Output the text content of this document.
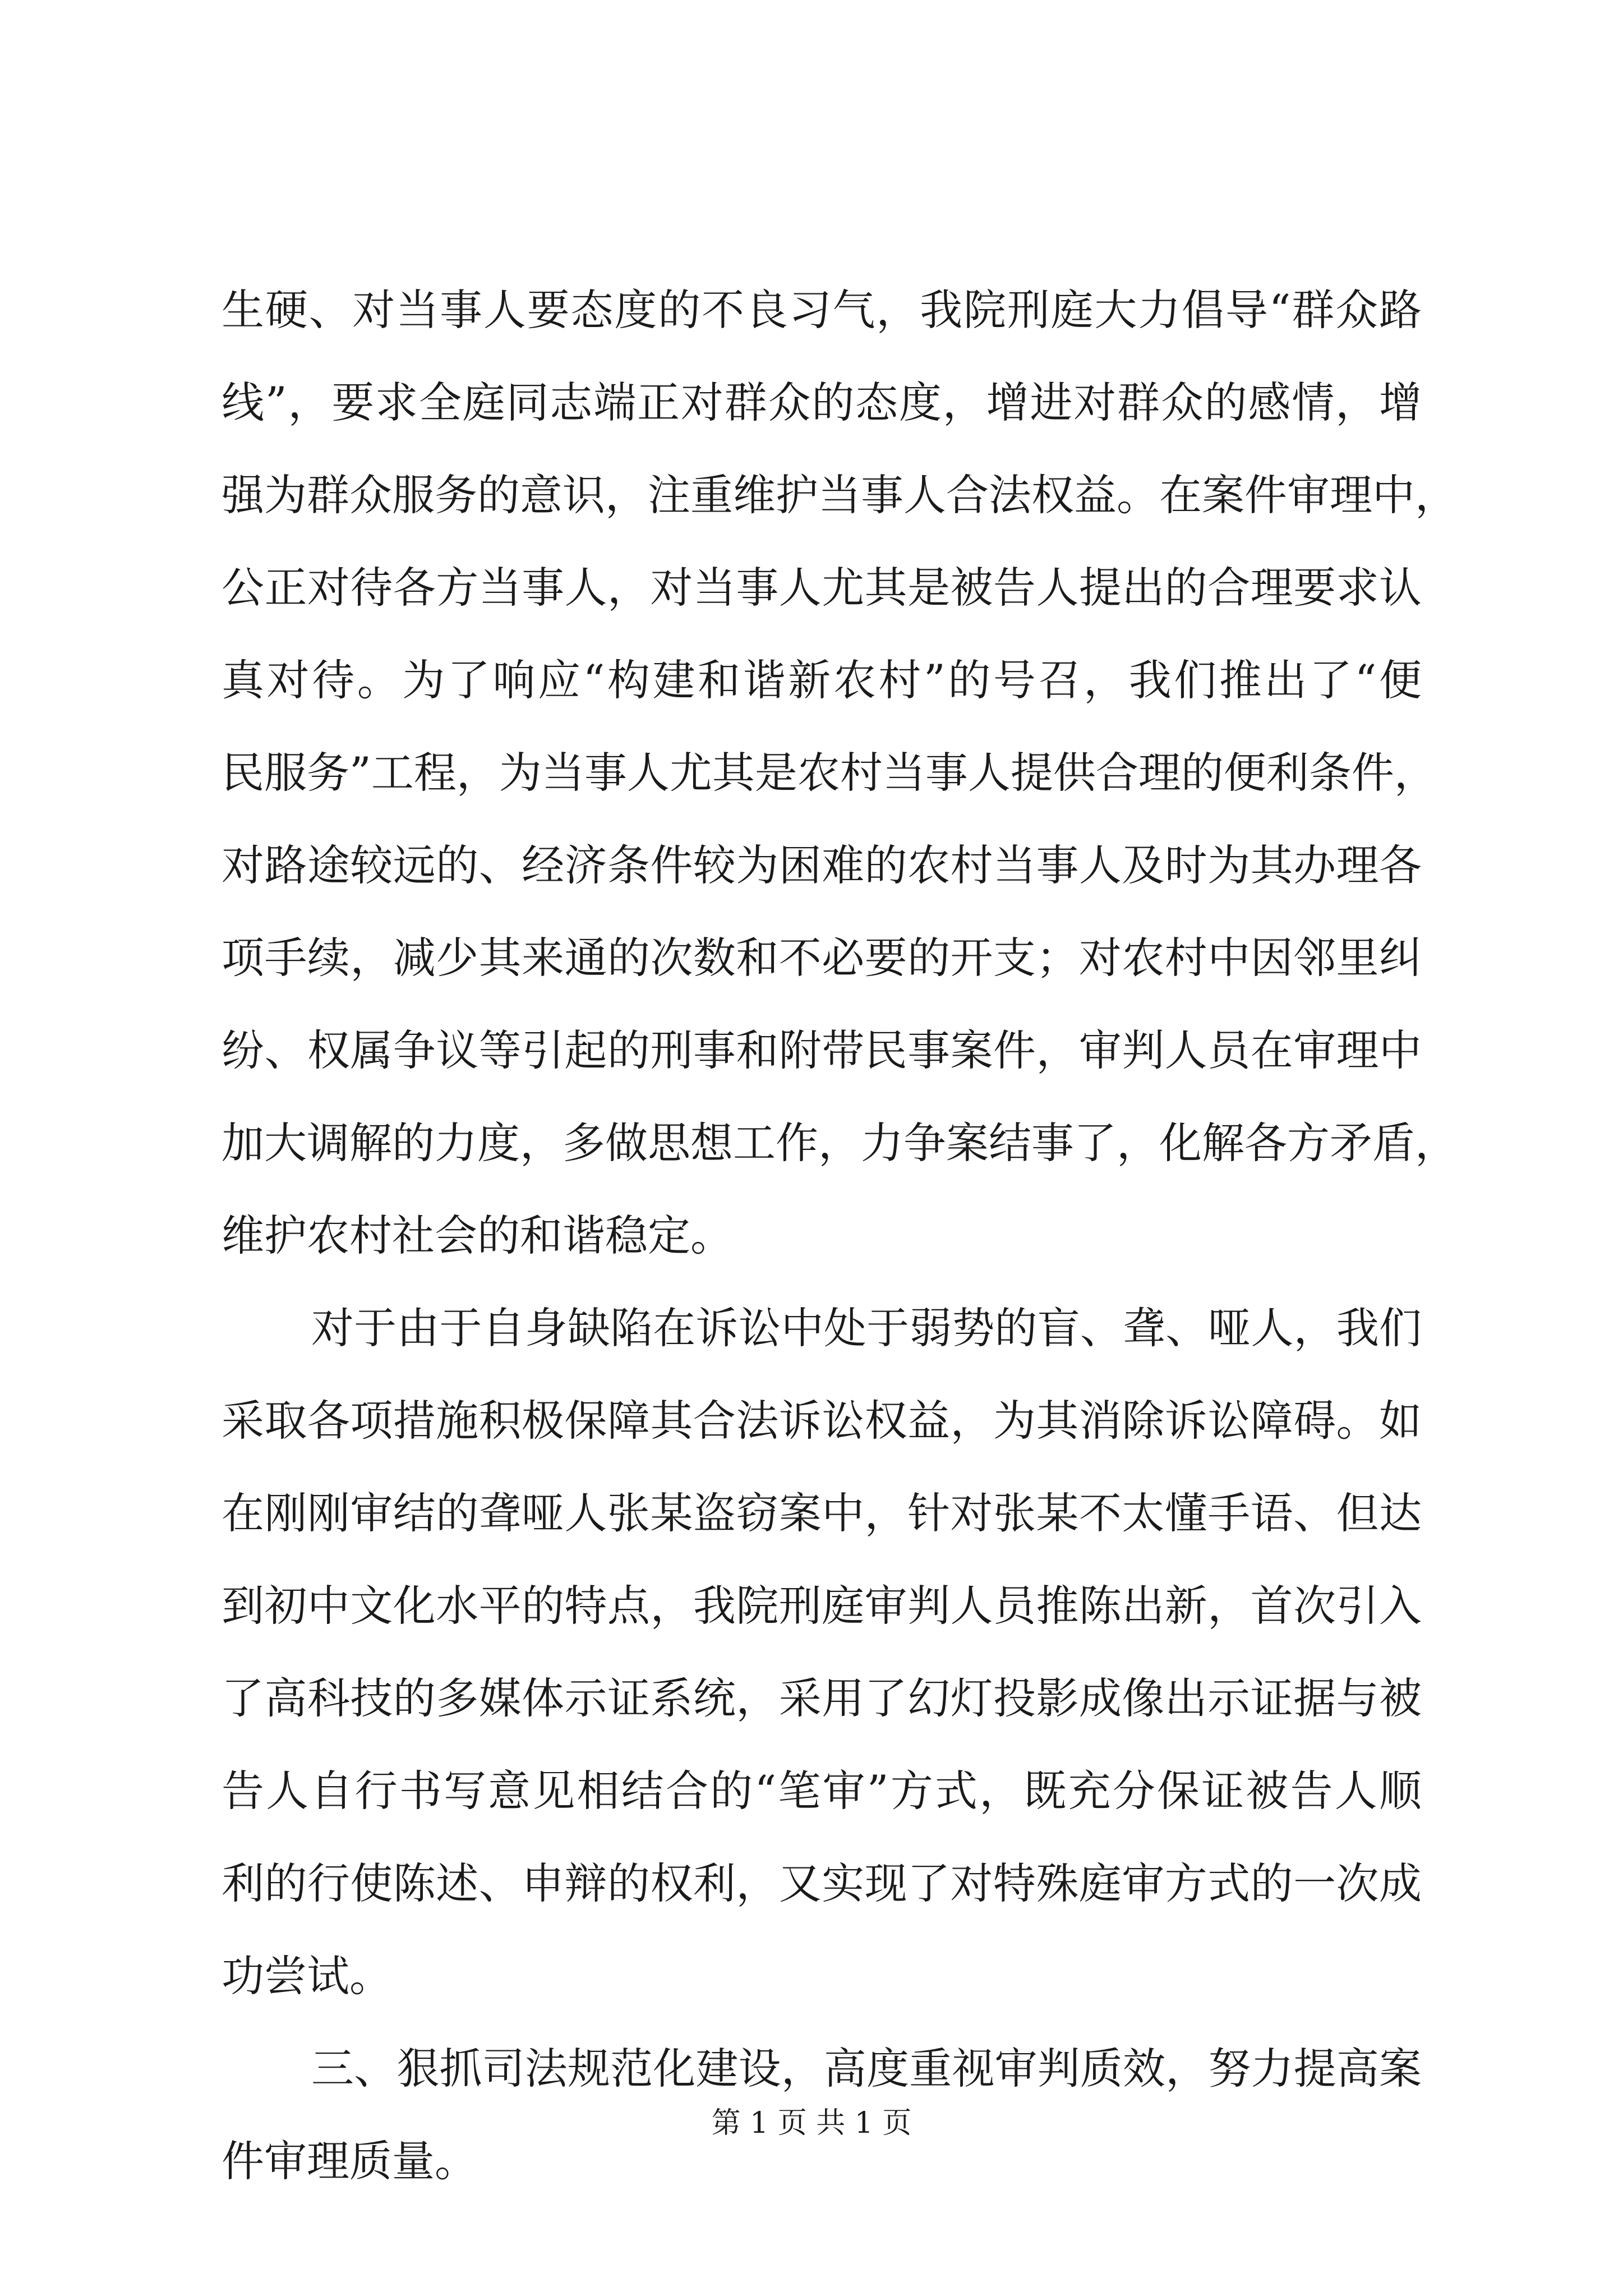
生硬、对当事人要态度的不良习气，我院刑庭大力倡导“群众路
线”，要求全庭同志端正对群众的态度，增进对群众的感情，增
强为群众服务的意识，注重维护当事人合法权益。在案件审理中，
公正对待各方当事人，对当事人尤其是被告人提出的合理要求认
真对待。为了响应“构建和谐新农村”的号召，我们推出了“便
民服务”工程，为当事人尤其是农村当事人提供合理的便利条件，
对路途较远的、经济条件较为困难的农村当事人及时为其办理各
项手续，减少其来通的次数和不必要的开支；对农村中因邻里纠
纷、权属争议等引起的刑事和附带民事案件，审判人员在审理中
加大调解的力度，多做思想工作，力争案结事了，化解各方矛盾，
维护农村社会的和谐稳定。
对于由于自身缺陷在诉讼中处于弱势的盲、聋、哑人，我们
采取各项措施积极保障其合法诉讼权益，为其消除诉讼障碍。如
在刚刚审结的聋哑人张某盗窃案中，针对张某不太懂手语、但达
到初中文化水平的特点，我院刑庭审判人员推陈出新，首次引入
了高科技的多媒体示证系统，采用了幻灯投影成像出示证据与被
告人自行书写意见相结合的“笔审”方式，既充分保证被告人顺
利的行使陈述、申辩的权利，又实现了对特殊庭审方式的一次成
功尝试。
三、狠抓司法规范化建设，高度重视审判质效，努力提高案
件审理质量。
第 1 页 共 1 页
